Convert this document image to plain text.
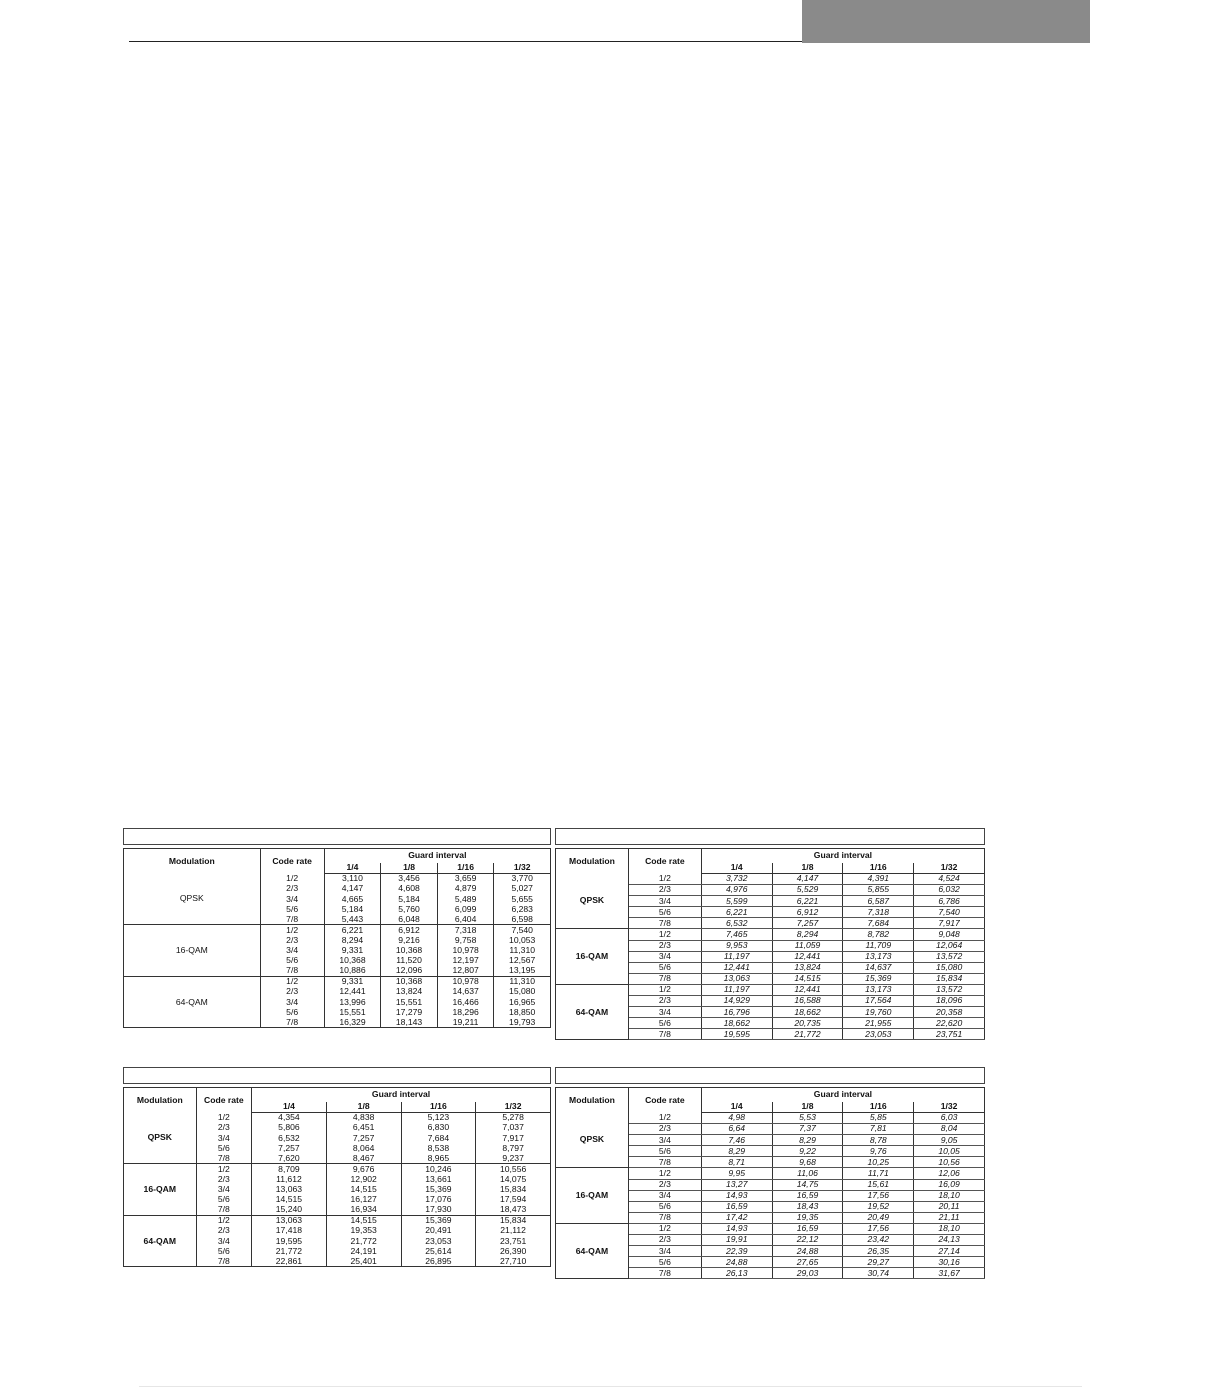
Modulation	Code rate	Guard interval			
		1/4	1/8	1/16	1/32
QPSK	1/2	3,110	3,456	3,659	3,770
	2/3	4,147	4,608	4,879	5,027
	3/4	4,665	5,184	5,489	5,655
	5/6	5,184	5,760	6,099	6,283
	7/8	5,443	6,048	6,404	6,598
16-QAM	1/2	6,221	6,912	7,318	7,540
	2/3	8,294	9,216	9,758	10,053
	3/4	9,331	10,368	10,978	11,310
	5/6	10,368	11,520	12,197	12,567
	7/8	10,886	12,096	12,807	13,195
64-QAM	1/2	9,331	10,368	10,978	11,310
	2/3	12,441	13,824	14,637	15,080
	3/4	13,996	15,551	16,466	16,965
	5/6	15,551	17,279	18,296	18,850
	7/8	16,329	18,143	19,211	19,793
Modulation	Code rate	Guard interval			
		1/4	1/8	1/16	1/32
QPSK	1/2	3,732	4,147	4,391	4,524
	2/3	4,976	5,529	5,855	6,032
	3/4	5,599	6,221	6,587	6,786
	5/6	6,221	6,912	7,318	7,540
	7/8	6,532	7,257	7,684	7,917
16-QAM	1/2	7,465	8,294	8,782	9,048
	2/3	9,953	11,059	11,709	12,064
	3/4	11,197	12,441	13,173	13,572
	5/6	12,441	13,824	14,637	15,080
	7/8	13,063	14,515	15,369	15,834
64-QAM	1/2	11,197	12,441	13,173	13,572
	2/3	14,929	16,588	17,564	18,096
	3/4	16,796	18,662	19,760	20,358
	5/6	18,662	20,735	21,955	22,620
	7/8	19,595	21,772	23,053	23,751
Modulation	Code rate	Guard interval			
		1/4	1/8	1/16	1/32
QPSK	1/2	4,354	4,838	5,123	5,278
	2/3	5,806	6,451	6,830	7,037
	3/4	6,532	7,257	7,684	7,917
	5/6	7,257	8,064	8,538	8,797
	7/8	7,620	8,467	8,965	9,237
16-QAM	1/2	8,709	9,676	10,246	10,556
	2/3	11,612	12,902	13,661	14,075
	3/4	13,063	14,515	15,369	15,834
	5/6	14,515	16,127	17,076	17,594
	7/8	15,240	16,934	17,930	18,473
64-QAM	1/2	13,063	14,515	15,369	15,834
	2/3	17,418	19,353	20,491	21,112
	3/4	19,595	21,772	23,053	23,751
	5/6	21,772	24,191	25,614	26,390
	7/8	22,861	25,401	26,895	27,710
Modulation	Code rate	Guard interval			
		1/4	1/8	1/16	1/32
QPSK	1/2	4,98	5,53	5,85	6,03
	2/3	6,64	7,37	7,81	8,04
	3/4	7,46	8,29	8,78	9,05
	5/6	8,29	9,22	9,76	10,05
	7/8	8,71	9,68	10,25	10,56
16-QAM	1/2	9,95	11,06	11,71	12,06
	2/3	13,27	14,75	15,61	16,09
	3/4	14,93	16,59	17,56	18,10
	5/6	16,59	18,43	19,52	20,11
	7/8	17,42	19,35	20,49	21,11
64-QAM	1/2	14,93	16,59	17,56	18,10
	2/3	19,91	22,12	23,42	24,13
	3/4	22,39	24,88	26,35	27,14
	5/6	24,88	27,65	29,27	30,16
	7/8	26,13	29,03	30,74	31,67
